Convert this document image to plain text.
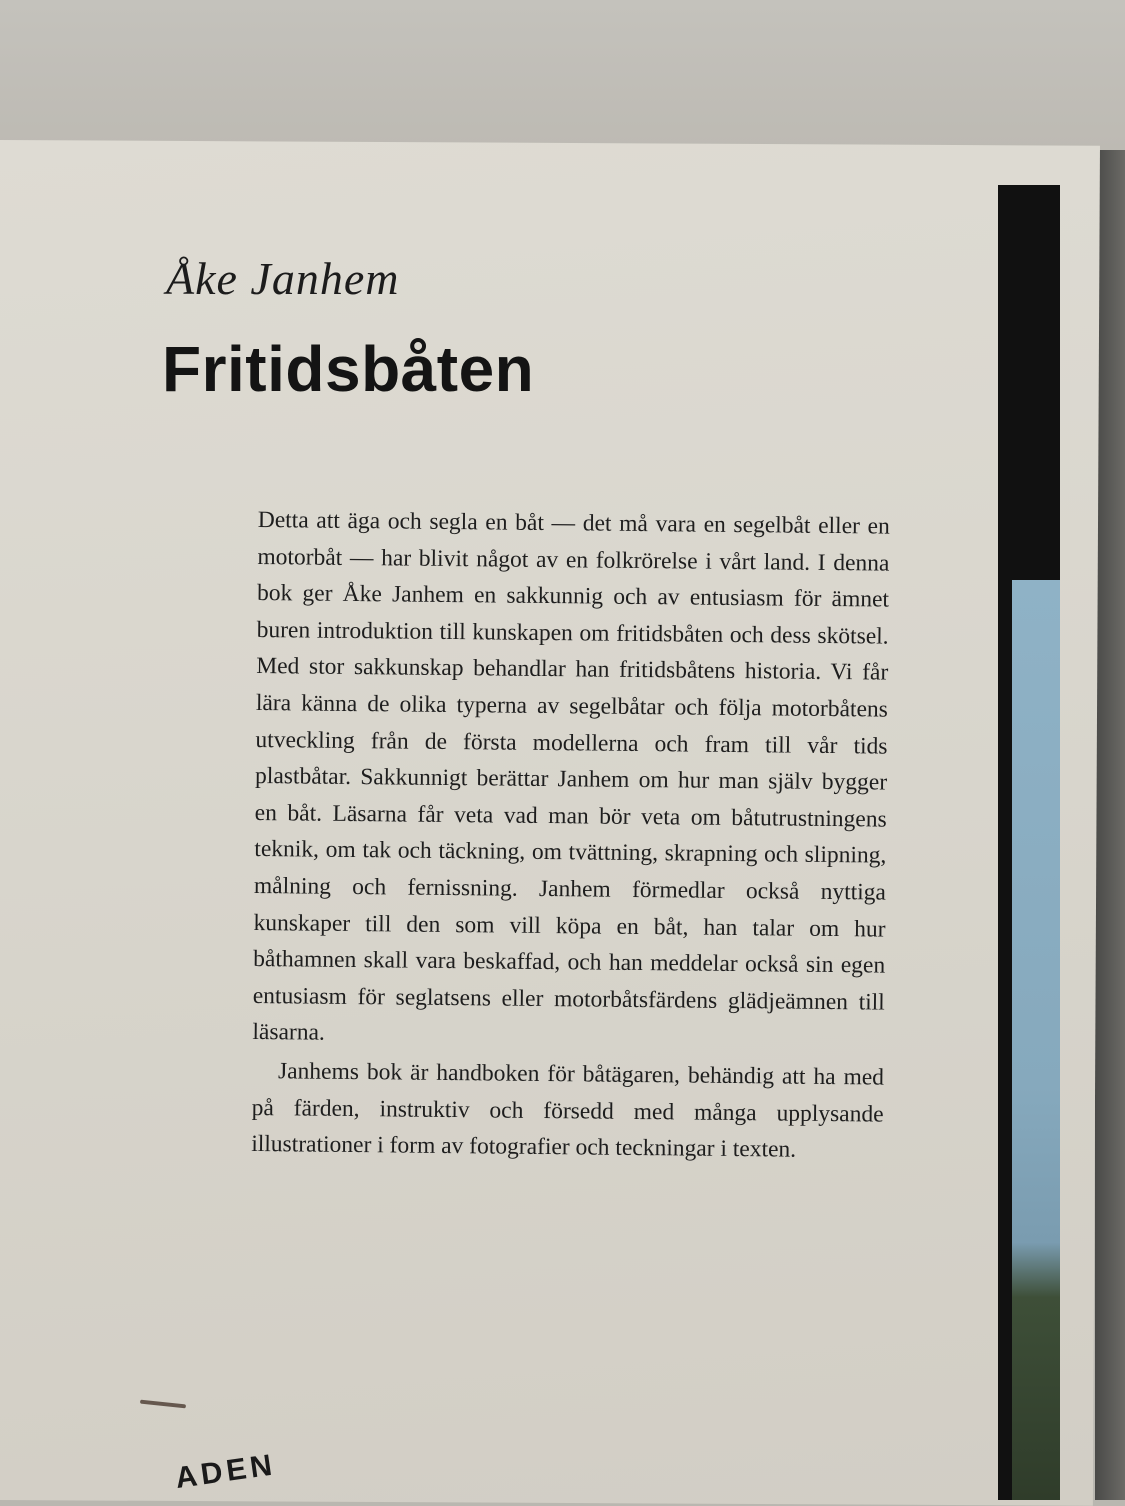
Åke Janhem
Fritidsbåten

Detta att äga och segla en båt — det må vara en segelbåt eller en motorbåt — har blivit något av en folkrörelse i vårt land. I denna bok ger Åke Janhem en sakkunnig och av entusiasm för ämnet buren introduktion till kunskapen om fritidsbåten och dess skötsel. Med stor sakkunskap behandlar han fritidsbåtens historia. Vi får lära känna de olika typerna av segelbåtar och följa motorbåtens utveckling från de första modellerna och fram till vår tids plastbåtar. Sakkunnigt berättar Janhem om hur man själv bygger en båt. Läsarna får veta vad man bör veta om båtutrustningens teknik, om tak och täckning, om tvättning, skrapning och slipning, målning och fernissning. Janhem förmedlar också nyttiga kunskaper till den som vill köpa en båt, han talar om hur båthamnen skall vara beskaffad, och han meddelar också sin egen entusiasm för seglatsens eller motorbåtsfärdens glädjeämnen till läsarna.

Janhems bok är handboken för båtägaren, behändig att ha med på färden, instruktiv och försedd med många upplysande illustrationer i form av fotografier och teckningar i texten.

ADEN
